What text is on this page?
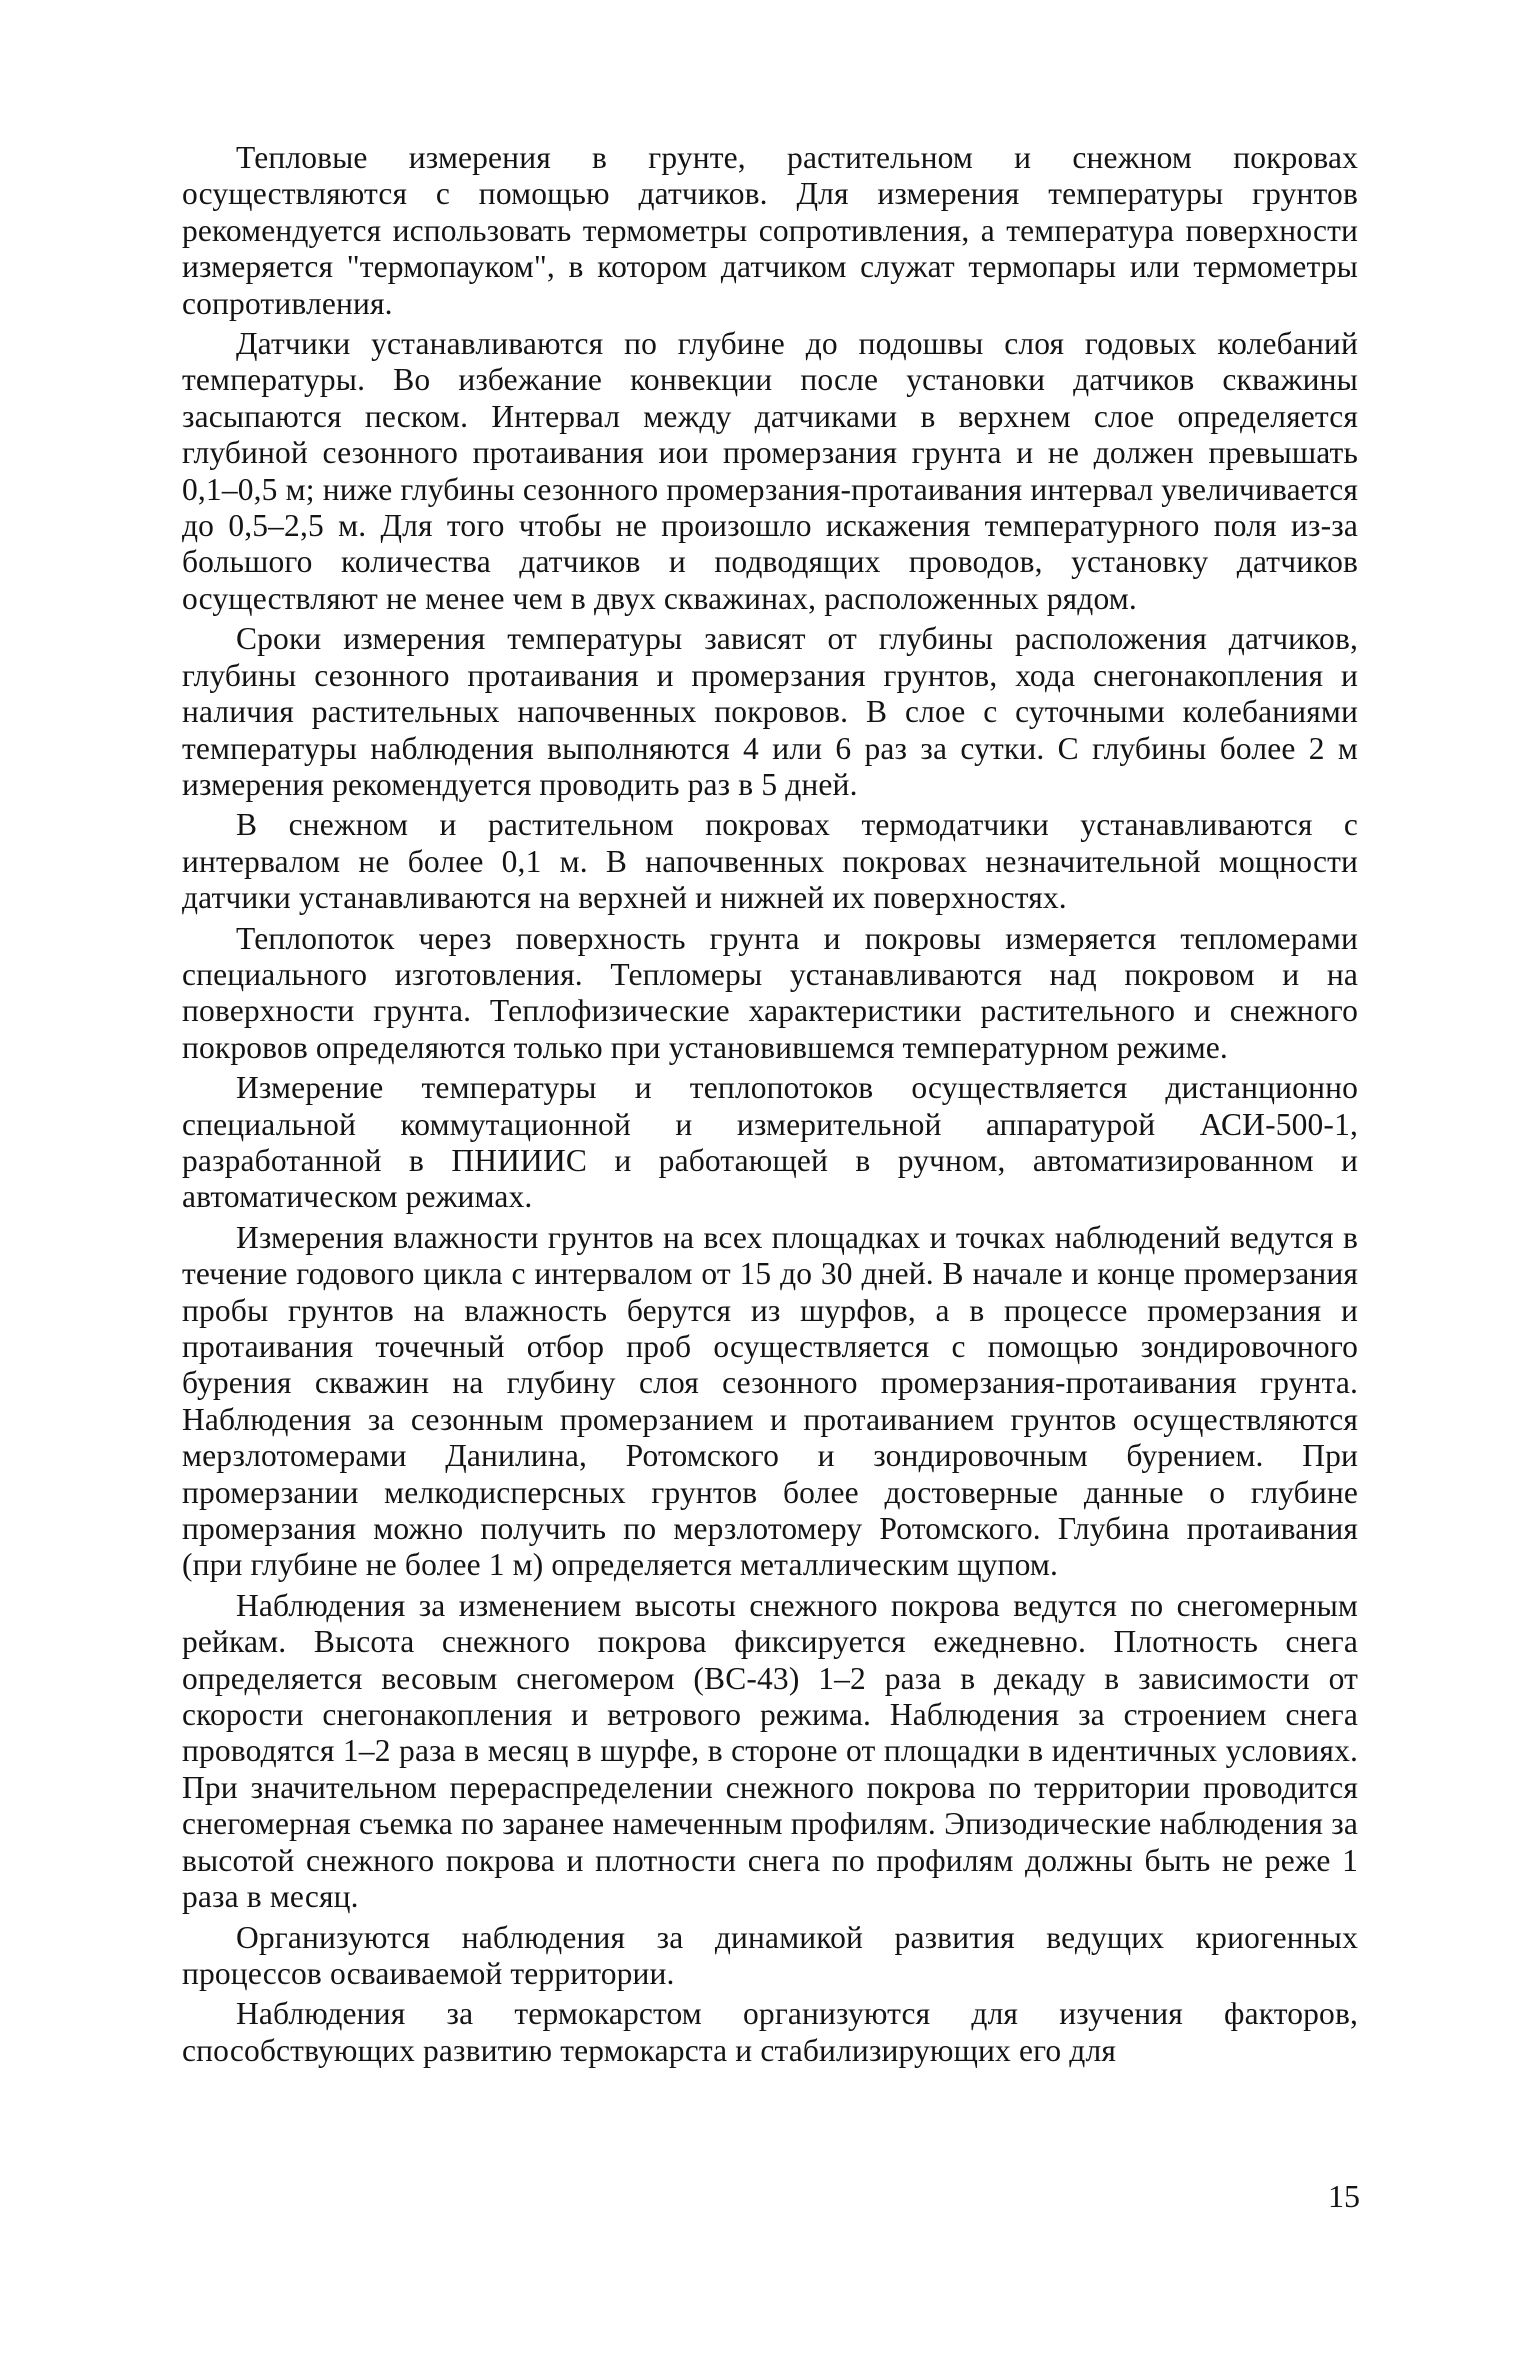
Тепловые измерения в грунте, растительном и снежном покровах осуществляются с помощью датчиков. Для измерения температуры грунтов рекомендуется использовать термометры сопротивления, а температура поверхности измеряется "термопауком", в котором датчиком служат термопары или термометры сопротивления.

Датчики устанавливаются по глубине до подошвы слоя годовых колебаний температуры. Во избежание конвекции после установки датчиков скважины засыпаются песком. Интервал между датчиками в верхнем слое определяется глубиной сезонного протаивания иои промерзания грунта и не должен превышать 0,1–0,5 м; ниже глубины сезонного промерзания-протаивания интервал увеличивается до 0,5–2,5 м. Для того чтобы не произошло искажения температурного поля из-за большого количества датчиков и подводящих проводов, установку датчиков осуществляют не менее чем в двух скважинах, расположенных рядом.

Сроки измерения температуры зависят от глубины расположения датчиков, глубины сезонного протаивания и промерзания грунтов, хода снегонакопления и наличия растительных напочвенных покровов. В слое с суточными колебаниями температуры наблюдения выполняются 4 или 6 раз за сутки. С глубины более 2 м измерения рекомендуется проводить раз в 5 дней.

В снежном и растительном покровах термодатчики устанавливаются с интервалом не более 0,1 м. В напочвенных покровах незначительной мощности датчики устанавливаются на верхней и нижней их поверхностях.

Теплопоток через поверхность грунта и покровы измеряется тепломерами специального изготовления. Тепломеры устанавливаются над покровом и на поверхности грунта. Теплофизические характеристики растительного и снежного покровов определяются только при установившемся температурном режиме.

Измерение температуры и теплопотоков осуществляется дистанционно специальной коммутационной и измерительной аппаратурой АСИ-500-1, разработанной в ПНИИИС и работающей в ручном, автоматизированном и автоматическом режимах.

Измерения влажности грунтов на всех площадках и точках наблюдений ведутся в течение годового цикла с интервалом от 15 до 30 дней. В начале и конце промерзания пробы грунтов на влажность берутся из шурфов, а в процессе промерзания и протаивания точечный отбор проб осуществляется с помощью зондировочного бурения скважин на глубину слоя сезонного промерзания-протаивания грунта. Наблюдения за сезонным промерзанием и протаиванием грунтов осуществляются мерзлотомерами Данилина, Ротомского и зондировочным бурением. При промерзании мелкодисперсных грунтов более достоверные данные о глубине промерзания можно получить по мерзлотомеру Ротомского. Глубина протаивания (при глубине не более 1 м) определяется металлическим щупом.

Наблюдения за изменением высоты снежного покрова ведутся по снегомерным рейкам. Высота снежного покрова фиксируется ежедневно. Плотность снега определяется весовым снегомером (ВС-43) 1–2 раза в декаду в зависимости от скорости снегонакопления и ветрового режима. Наблюдения за строением снега проводятся 1–2 раза в месяц в шурфе, в стороне от площадки в идентичных условиях. При значительном перераспределении снежного покрова по территории проводится снегомерная съемка по заранее намеченным профилям. Эпизодические наблюдения за высотой снежного покрова и плотности снега по профилям должны быть не реже 1 раза в месяц.

Организуются наблюдения за динамикой развития ведущих криогенных процессов осваиваемой территории.

Наблюдения за термокарстом организуются для изучения факторов, способствующих развитию термокарста и стабилизирующих его для

15
